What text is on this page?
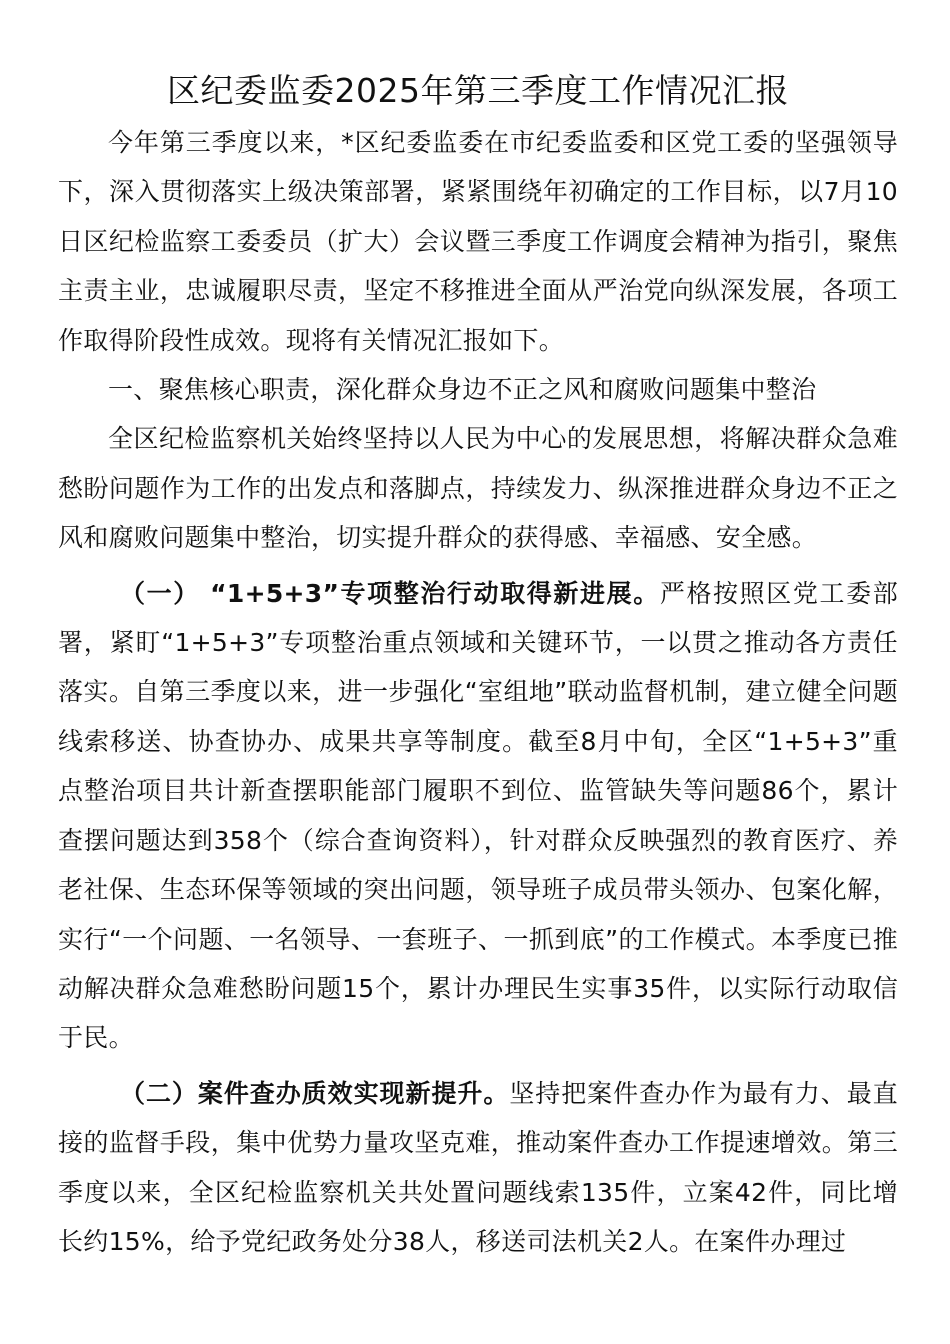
区纪委监委2025年第三季度工作情况汇报

今年第三季度以来，*区纪委监委在市纪委监委和区党工委的坚强领导下，深入贯彻落实上级决策部署，紧紧围绕年初确定的工作目标，以7月10日区纪检监察工委委员（扩大）会议暨三季度工作调度会精神为指引，聚焦主责主业，忠诚履职尽责，坚定不移推进全面从严治党向纵深发展，各项工作取得阶段性成效。现将有关情况汇报如下。

一、聚焦核心职责，深化群众身边不正之风和腐败问题集中整治

全区纪检监察机关始终坚持以人民为中心的发展思想，将解决群众急难愁盼问题作为工作的出发点和落脚点，持续发力、纵深推进群众身边不正之风和腐败问题集中整治，切实提升群众的获得感、幸福感、安全感。

（一） “1+5+3”专项整治行动取得新进展。严格按照区党工委部署，紧盯“1+5+3”专项整治重点领域和关键环节，一以贯之推动各方责任落实。自第三季度以来，进一步强化“室组地”联动监督机制，建立健全问题线索移送、协查协办、成果共享等制度。截至8月中旬，全区“1+5+3”重点整治项目共计新查摆职能部门履职不到位、监管缺失等问题86个，累计查摆问题达到358个（综合查询资料），针对群众反映强烈的教育医疗、养老社保、生态环保等领域的突出问题，领导班子成员带头领办、包案化解，实行“一个问题、一名领导、一套班子、一抓到底”的工作模式。本季度已推动解决群众急难愁盼问题15个，累计办理民生实事35件，以实际行动取信于民。

（二）案件查办质效实现新提升。坚持把案件查办作为最有力、最直接的监督手段，集中优势力量攻坚克难，推动案件查办工作提速增效。第三季度以来，全区纪检监察机关共处置问题线索135件，立案42件，同比增长约15%，给予党纪政务处分38人，移送司法机关2人。在案件办理过
